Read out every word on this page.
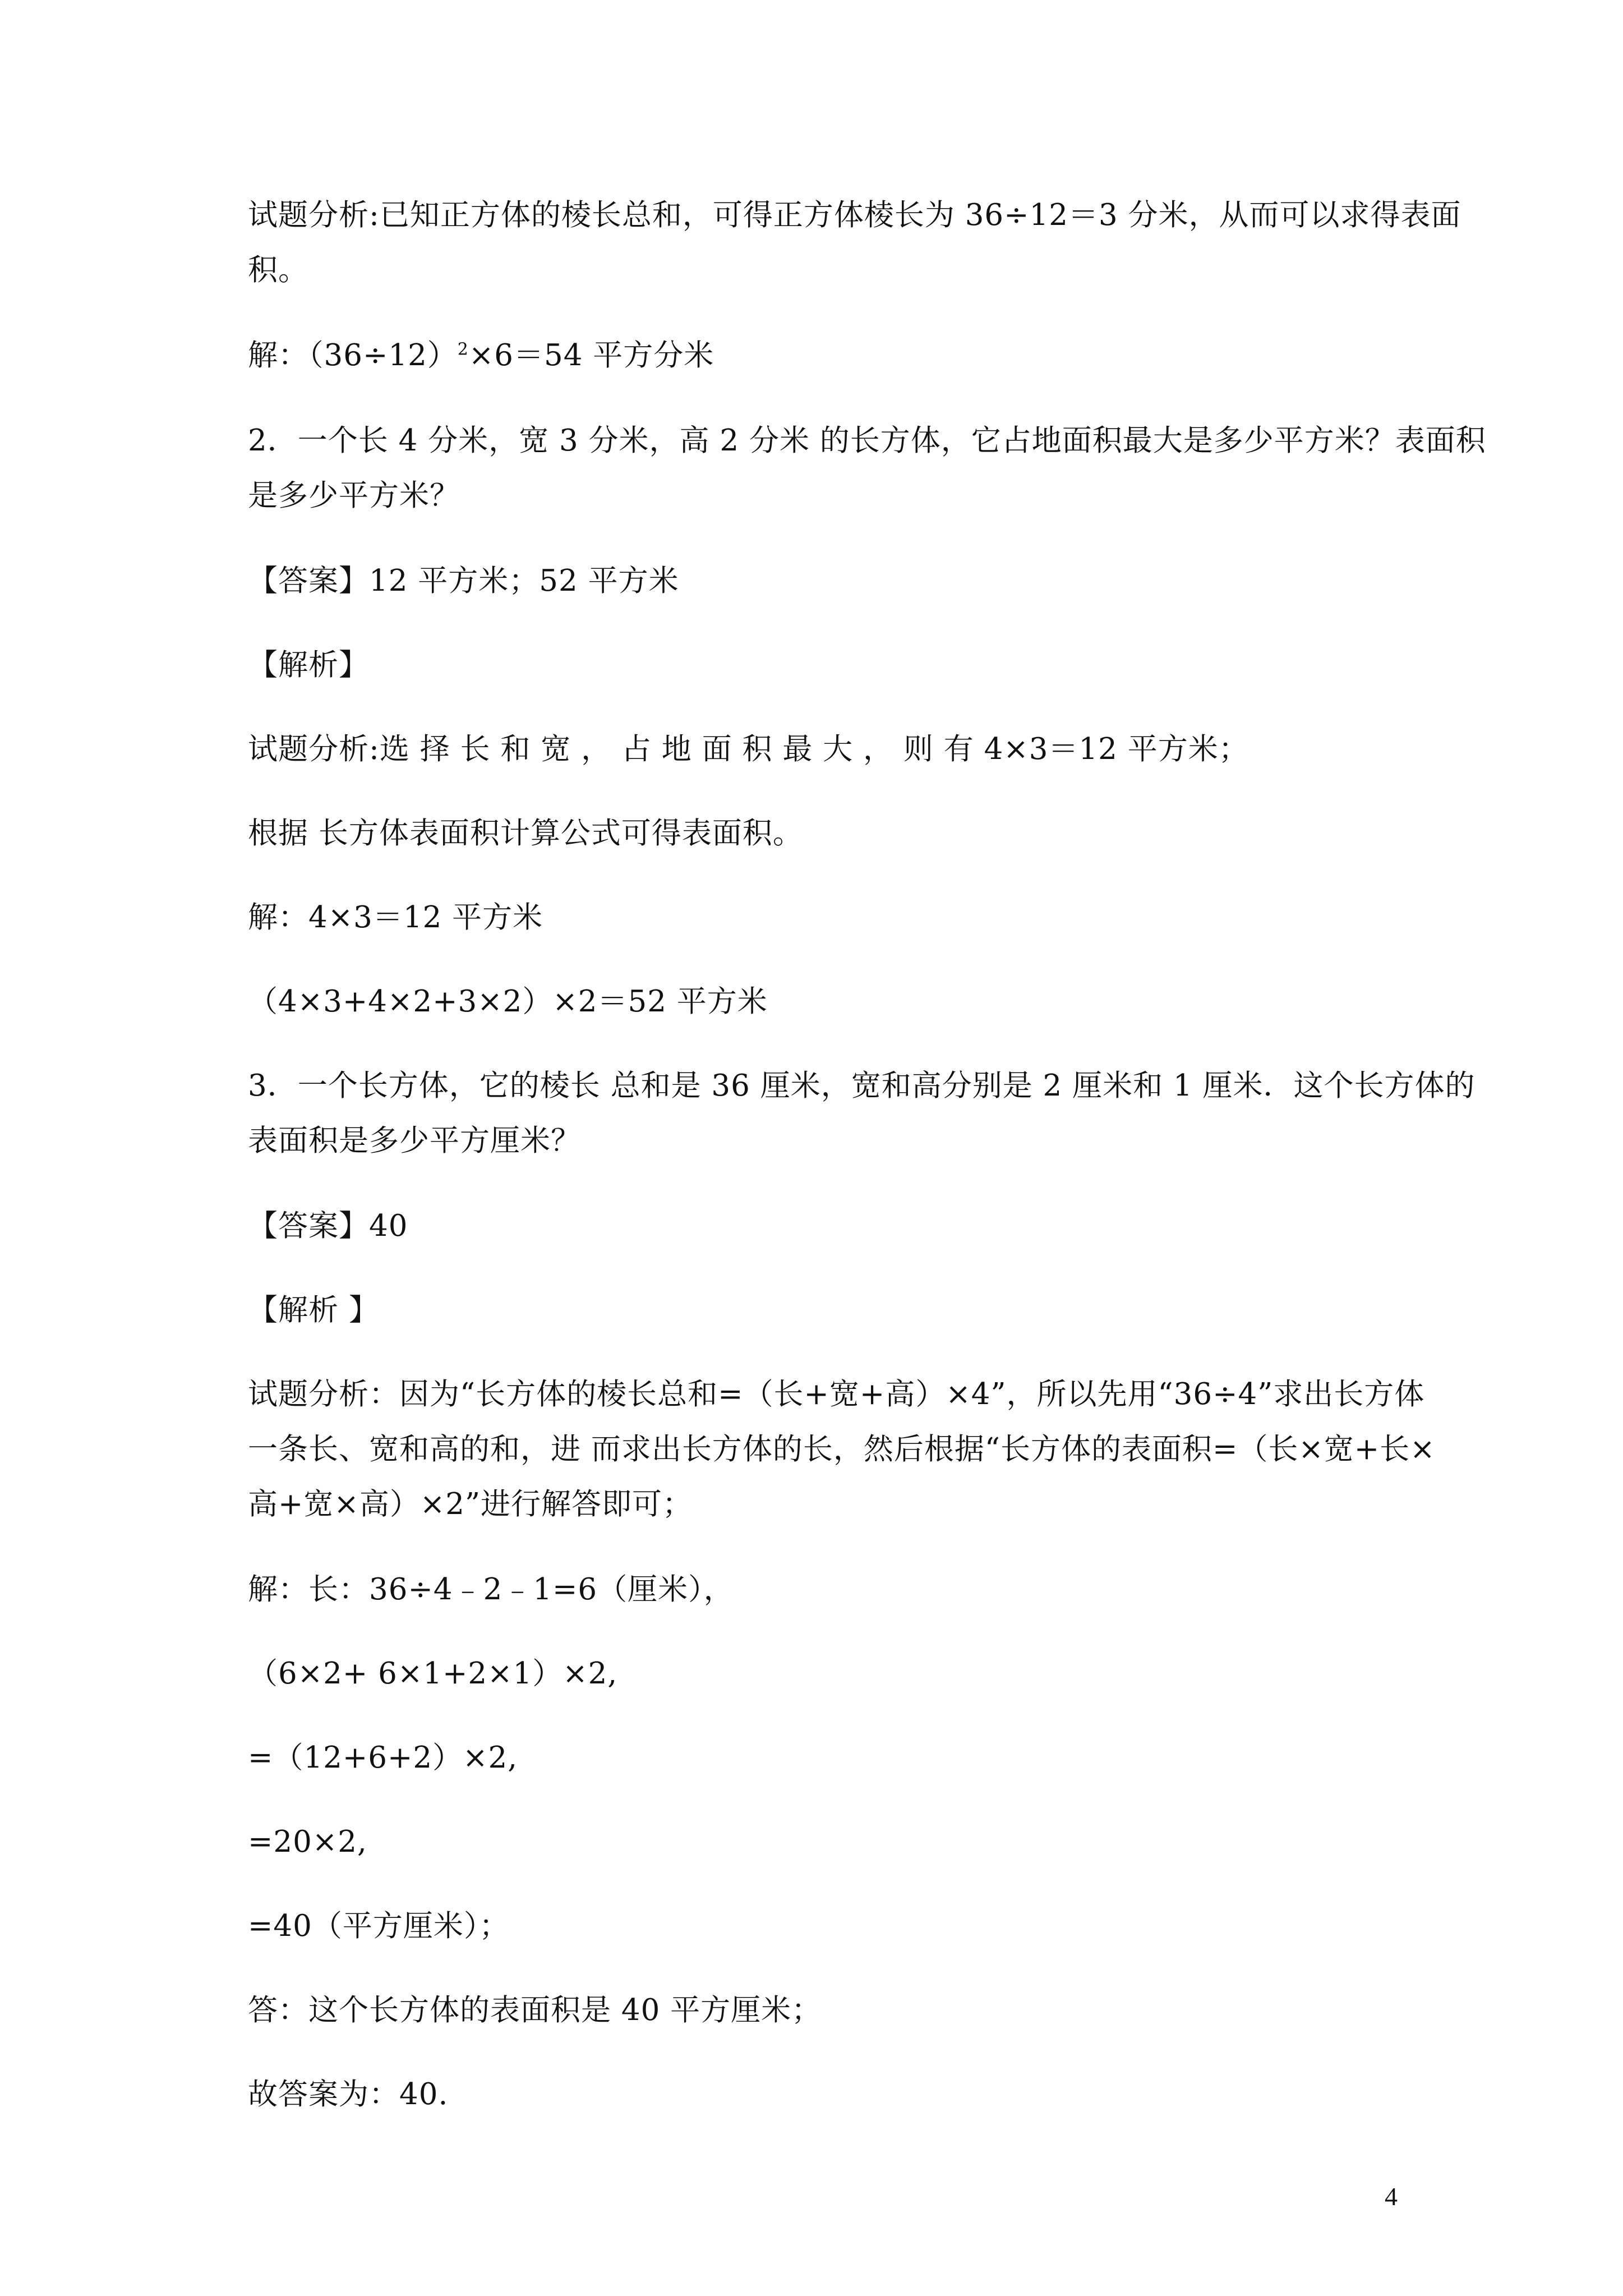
试题分析:已知正方体的棱长总和，可得正方体棱长为 36÷12＝3 分米，从而可以求得表面
积。
解：$(36\div 12)^2\times 6=54$ 平方分米
2．一个长 4 分米，宽 3 分米，高 2 分米 的长方体，它占地面积最大是多少平方米？表面积
是多少平方米？
【答案】12 平方米；52 平方米
【解析】
试题分析:选 择 长 和 宽 ， 占 地 面 积 最 大 ， 则 有 4×3＝12 平方米；
根据 长方体表面积计算公式可得表面积。
解：4×3＝12 平方米
（4×3+4×2+3×2）×2＝52 平方米
3．一个长方体，它的棱长 总和是 36 厘米，宽和高分别是 2 厘米和 1 厘米．这个长方体的
表面积是多少平方厘米？
【答案】40
【解析 】
试题分析：因为“长方体的棱长总和=（长+宽+高）×4”，所以先用“36÷4”求出长方体
一条长、宽和高的和，进 而求出长方体的长，然后根据“长方体的表面积=（长×宽+长×
高+宽×高）×2”进行解答即可；
解：长：36÷4﹣2﹣1=6（厘米），
（6×2+ 6×1+2×1）×2,
=（12+6+2）×2,
=20×2,
=40（平方厘米）；
答：这个长方体的表面积是 40 平方厘米；
故答案为：40.
4
